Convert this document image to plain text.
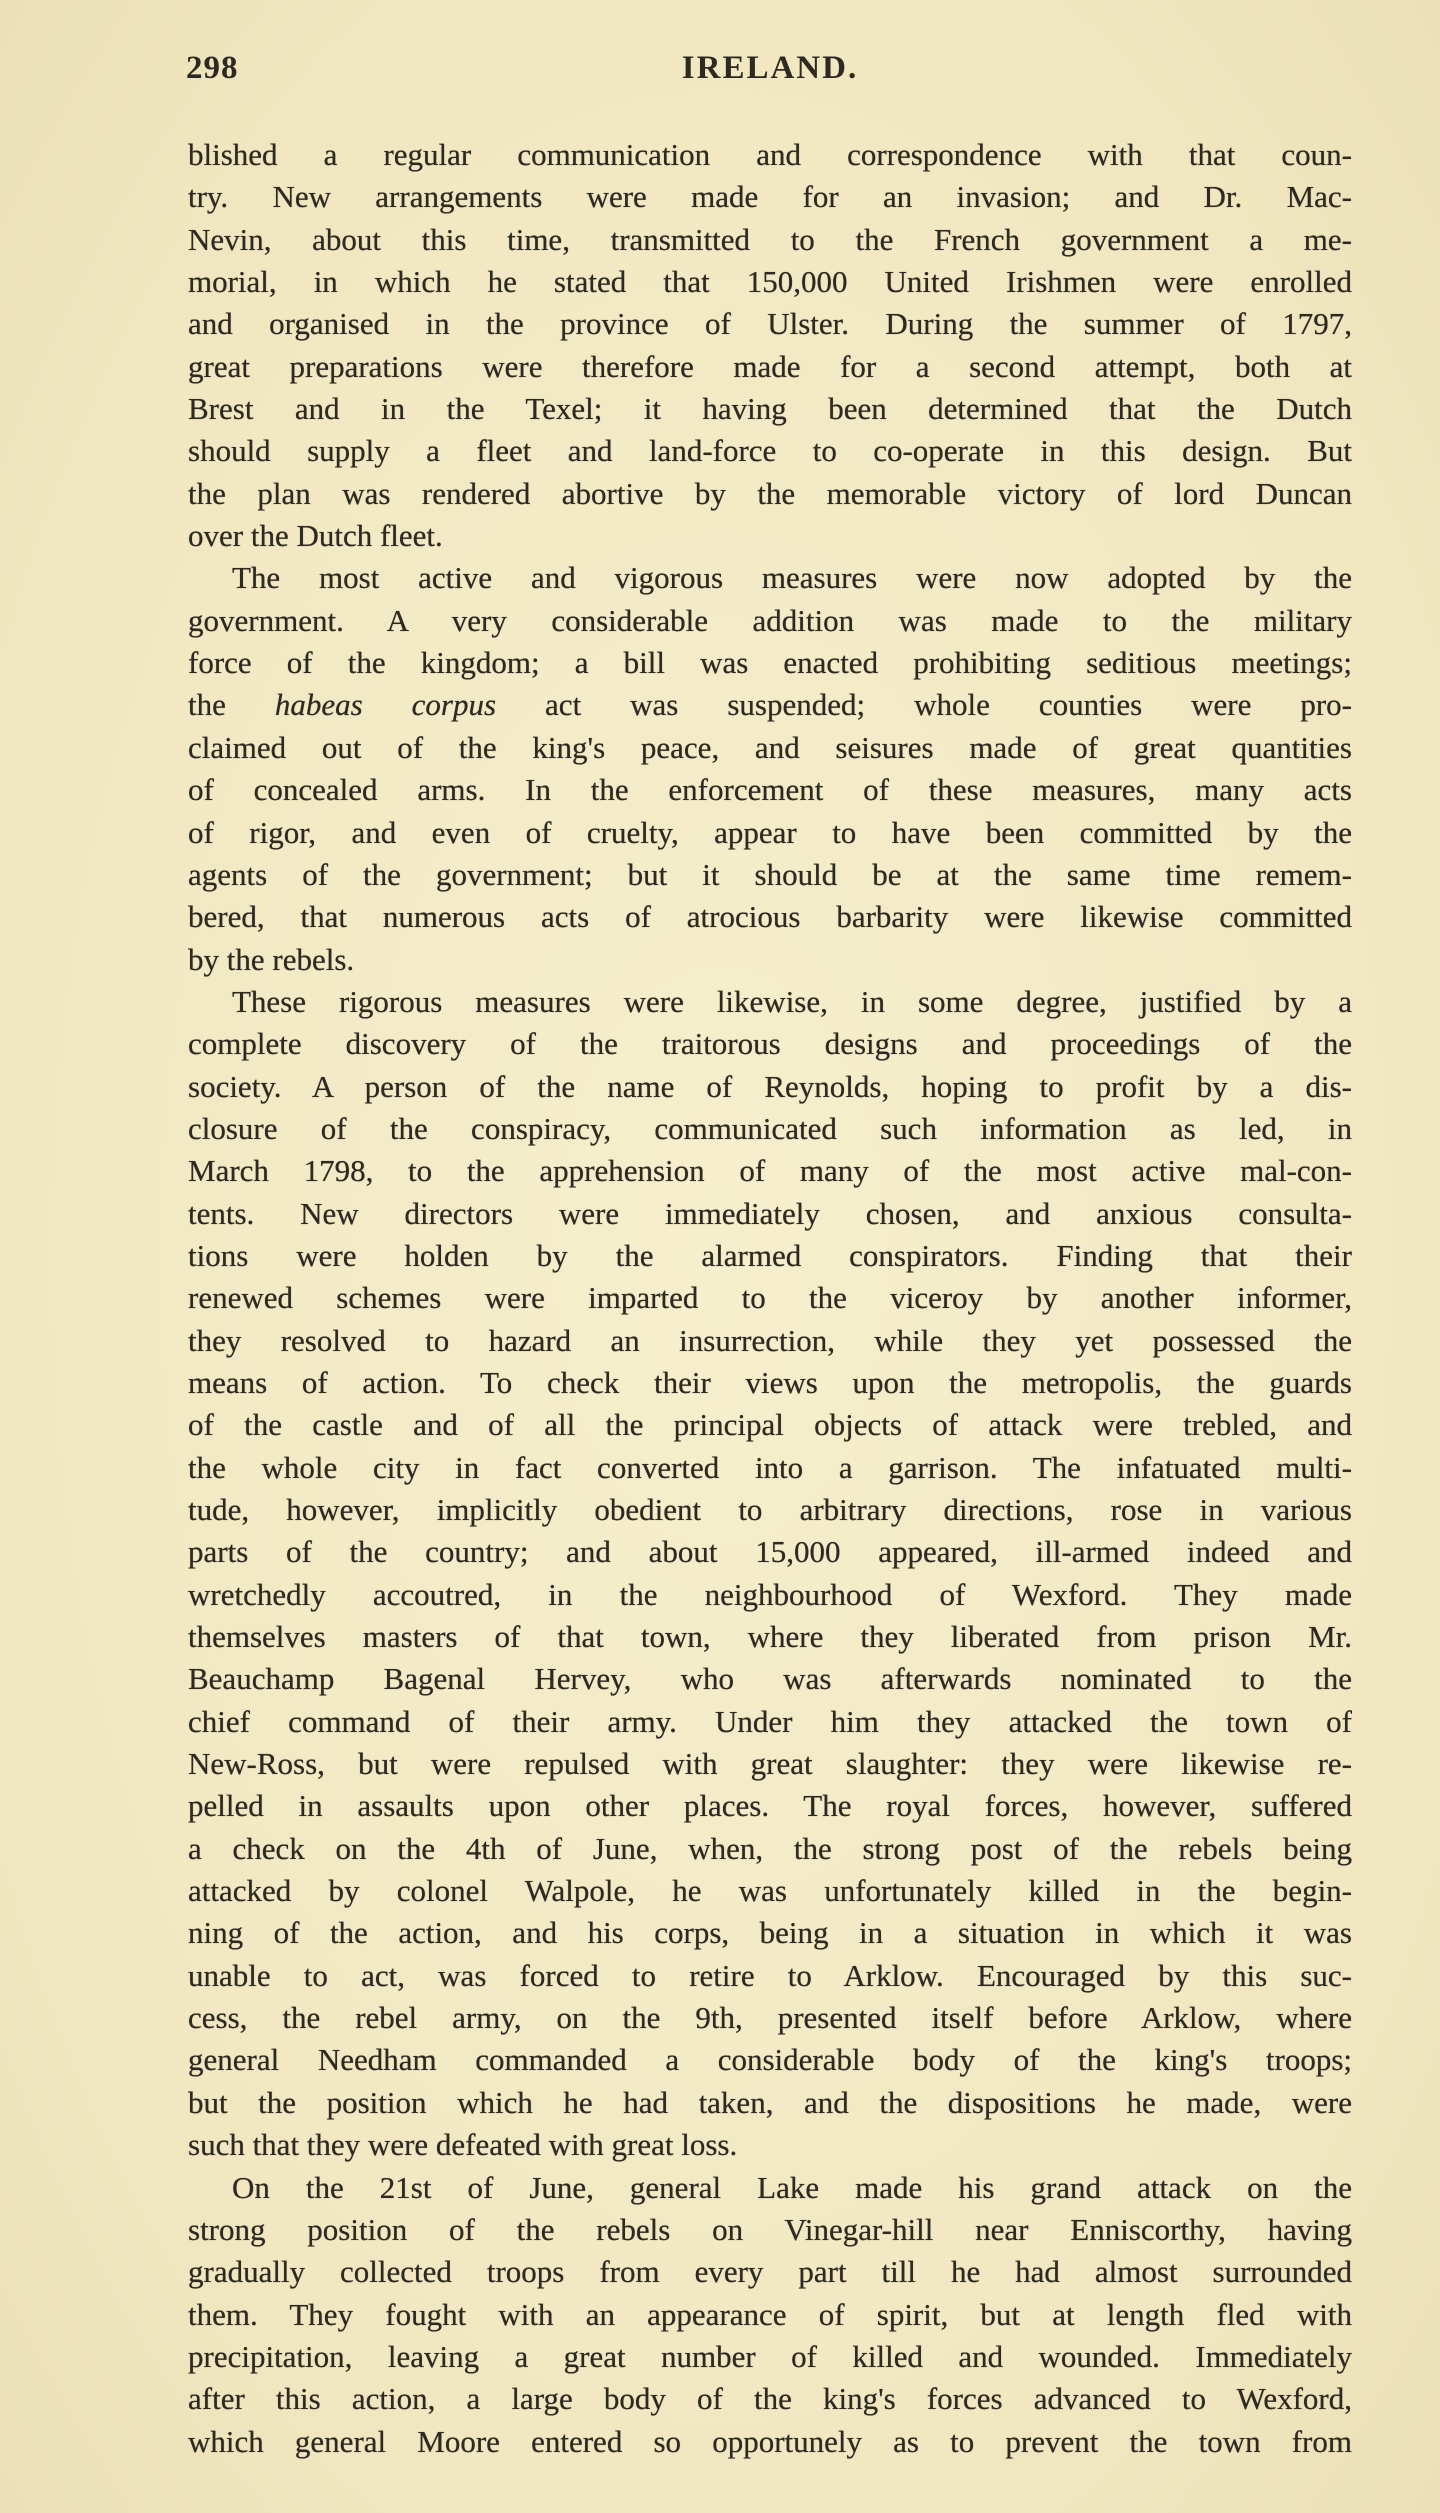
298	IRELAND.
blished a regular communication and correspondence with that coun-
try. New arrangements were made for an invasion; and Dr. Mac-
Nevin, about this time, transmitted to the French government a me-
morial, in which he stated that 150,000 United Irishmen were enrolled
and organised in the province of Ulster. During the summer of 1797,
great preparations were therefore made for a second attempt, both at
Brest and in the Texel; it having been determined that the Dutch
should supply a fleet and land-force to co-operate in this design. But
the plan was rendered abortive by the memorable victory of lord Duncan
over the Dutch fleet.
The most active and vigorous measures were now adopted by the
government. A very considerable addition was made to the military
force of the kingdom; a bill was enacted prohibiting seditious meetings;
the habeas corpus act was suspended; whole counties were pro-
claimed out of the king's peace, and seisures made of great quantities
of concealed arms. In the enforcement of these measures, many acts
of rigor, and even of cruelty, appear to have been committed by the
agents of the government; but it should be at the same time remem-
bered, that numerous acts of atrocious barbarity were likewise committed
by the rebels.
These rigorous measures were likewise, in some degree, justified by a
complete discovery of the traitorous designs and proceedings of the
society. A person of the name of Reynolds, hoping to profit by a dis-
closure of the conspiracy, communicated such information as led, in
March 1798, to the apprehension of many of the most active mal-con-
tents. New directors were immediately chosen, and anxious consulta-
tions were holden by the alarmed conspirators. Finding that their
renewed schemes were imparted to the viceroy by another informer,
they resolved to hazard an insurrection, while they yet possessed the
means of action. To check their views upon the metropolis, the guards
of the castle and of all the principal objects of attack were trebled, and
the whole city in fact converted into a garrison. The infatuated multi-
tude, however, implicitly obedient to arbitrary directions, rose in various
parts of the country; and about 15,000 appeared, ill-armed indeed and
wretchedly accoutred, in the neighbourhood of Wexford. They made
themselves masters of that town, where they liberated from prison Mr.
Beauchamp Bagenal Hervey, who was afterwards nominated to the
chief command of their army. Under him they attacked the town of
New-Ross, but were repulsed with great slaughter: they were likewise re-
pelled in assaults upon other places. The royal forces, however, suffered
a check on the 4th of June, when, the strong post of the rebels being
attacked by colonel Walpole, he was unfortunately killed in the begin-
ning of the action, and his corps, being in a situation in which it was
unable to act, was forced to retire to Arklow. Encouraged by this suc-
cess, the rebel army, on the 9th, presented itself before Arklow, where
general Needham commanded a considerable body of the king's troops;
but the position which he had taken, and the dispositions he made, were
such that they were defeated with great loss.
On the 21st of June, general Lake made his grand attack on the
strong position of the rebels on Vinegar-hill near Enniscorthy, having
gradually collected troops from every part till he had almost surrounded
them. They fought with an appearance of spirit, but at length fled with
precipitation, leaving a great number of killed and wounded. Immediately
after this action, a large body of the king's forces advanced to Wexford,
which general Moore entered so opportunely as to prevent the town from
